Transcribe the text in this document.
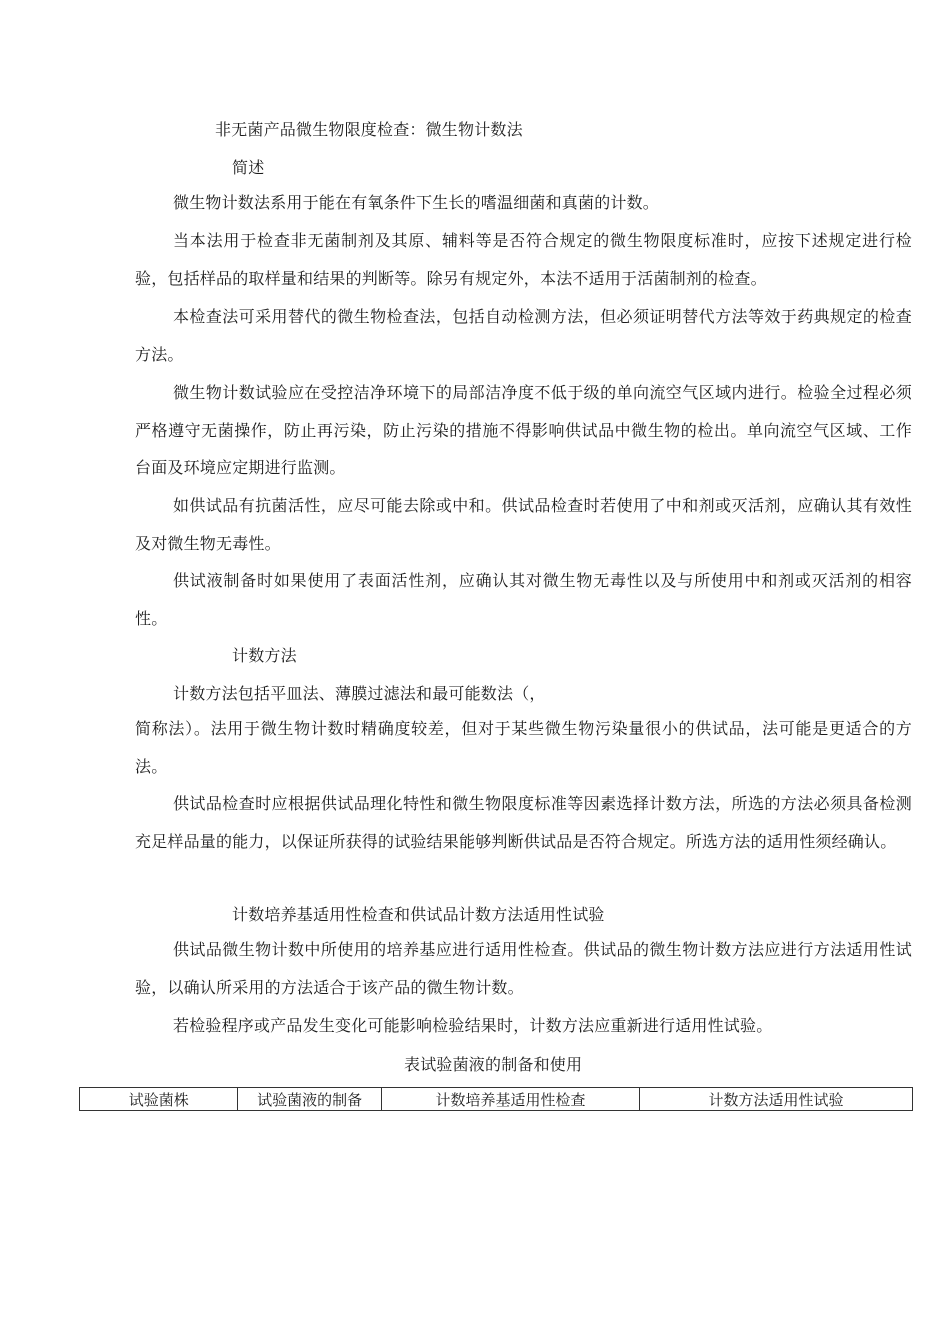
非无菌产品微生物限度检查：微生物计数法
简述
微生物计数法系用于能在有氧条件下生长的嗜温细菌和真菌的计数。
当本法用于检查非无菌制剂及其原、辅料等是否符合规定的微生物限度标准时，应按下述规定进行检验，包括样品的取样量和结果的判断等。除另有规定外，本法不适用于活菌制剂的检查。
本检查法可采用替代的微生物检查法，包括自动检测方法，但必须证明替代方法等效于药典规定的检查方法。
微生物计数试验应在受控洁净环境下的局部洁净度不低于级的单向流空气区域内进行。检验全过程必须严格遵守无菌操作，防止再污染，防止污染的措施不得影响供试品中微生物的检出。单向流空气区域、工作台面及环境应定期进行监测。
如供试品有抗菌活性，应尽可能去除或中和。供试品检查时若使用了中和剂或灭活剂，应确认其有效性及对微生物无毒性。
供试液制备时如果使用了表面活性剂，应确认其对微生物无毒性以及与所使用中和剂或灭活剂的相容性。
计数方法
计数方法包括平皿法、薄膜过滤法和最可能数法（，
简称法）。法用于微生物计数时精确度较差，但对于某些微生物污染量很小的供试品，法可能是更适合的方法。
供试品检查时应根据供试品理化特性和微生物限度标准等因素选择计数方法，所选的方法必须具备检测充足样品量的能力，以保证所获得的试验结果能够判断供试品是否符合规定。所选方法的适用性须经确认。
计数培养基适用性检查和供试品计数方法适用性试验
供试品微生物计数中所使用的培养基应进行适用性检查。供试品的微生物计数方法应进行方法适用性试验，以确认所采用的方法适合于该产品的微生物计数。
若检验程序或产品发生变化可能影响检验结果时，计数方法应重新进行适用性试验。
表试验菌液的制备和使用
试验菌株	试验菌液的制备	计数培养基适用性检查	计数方法适用性试验
